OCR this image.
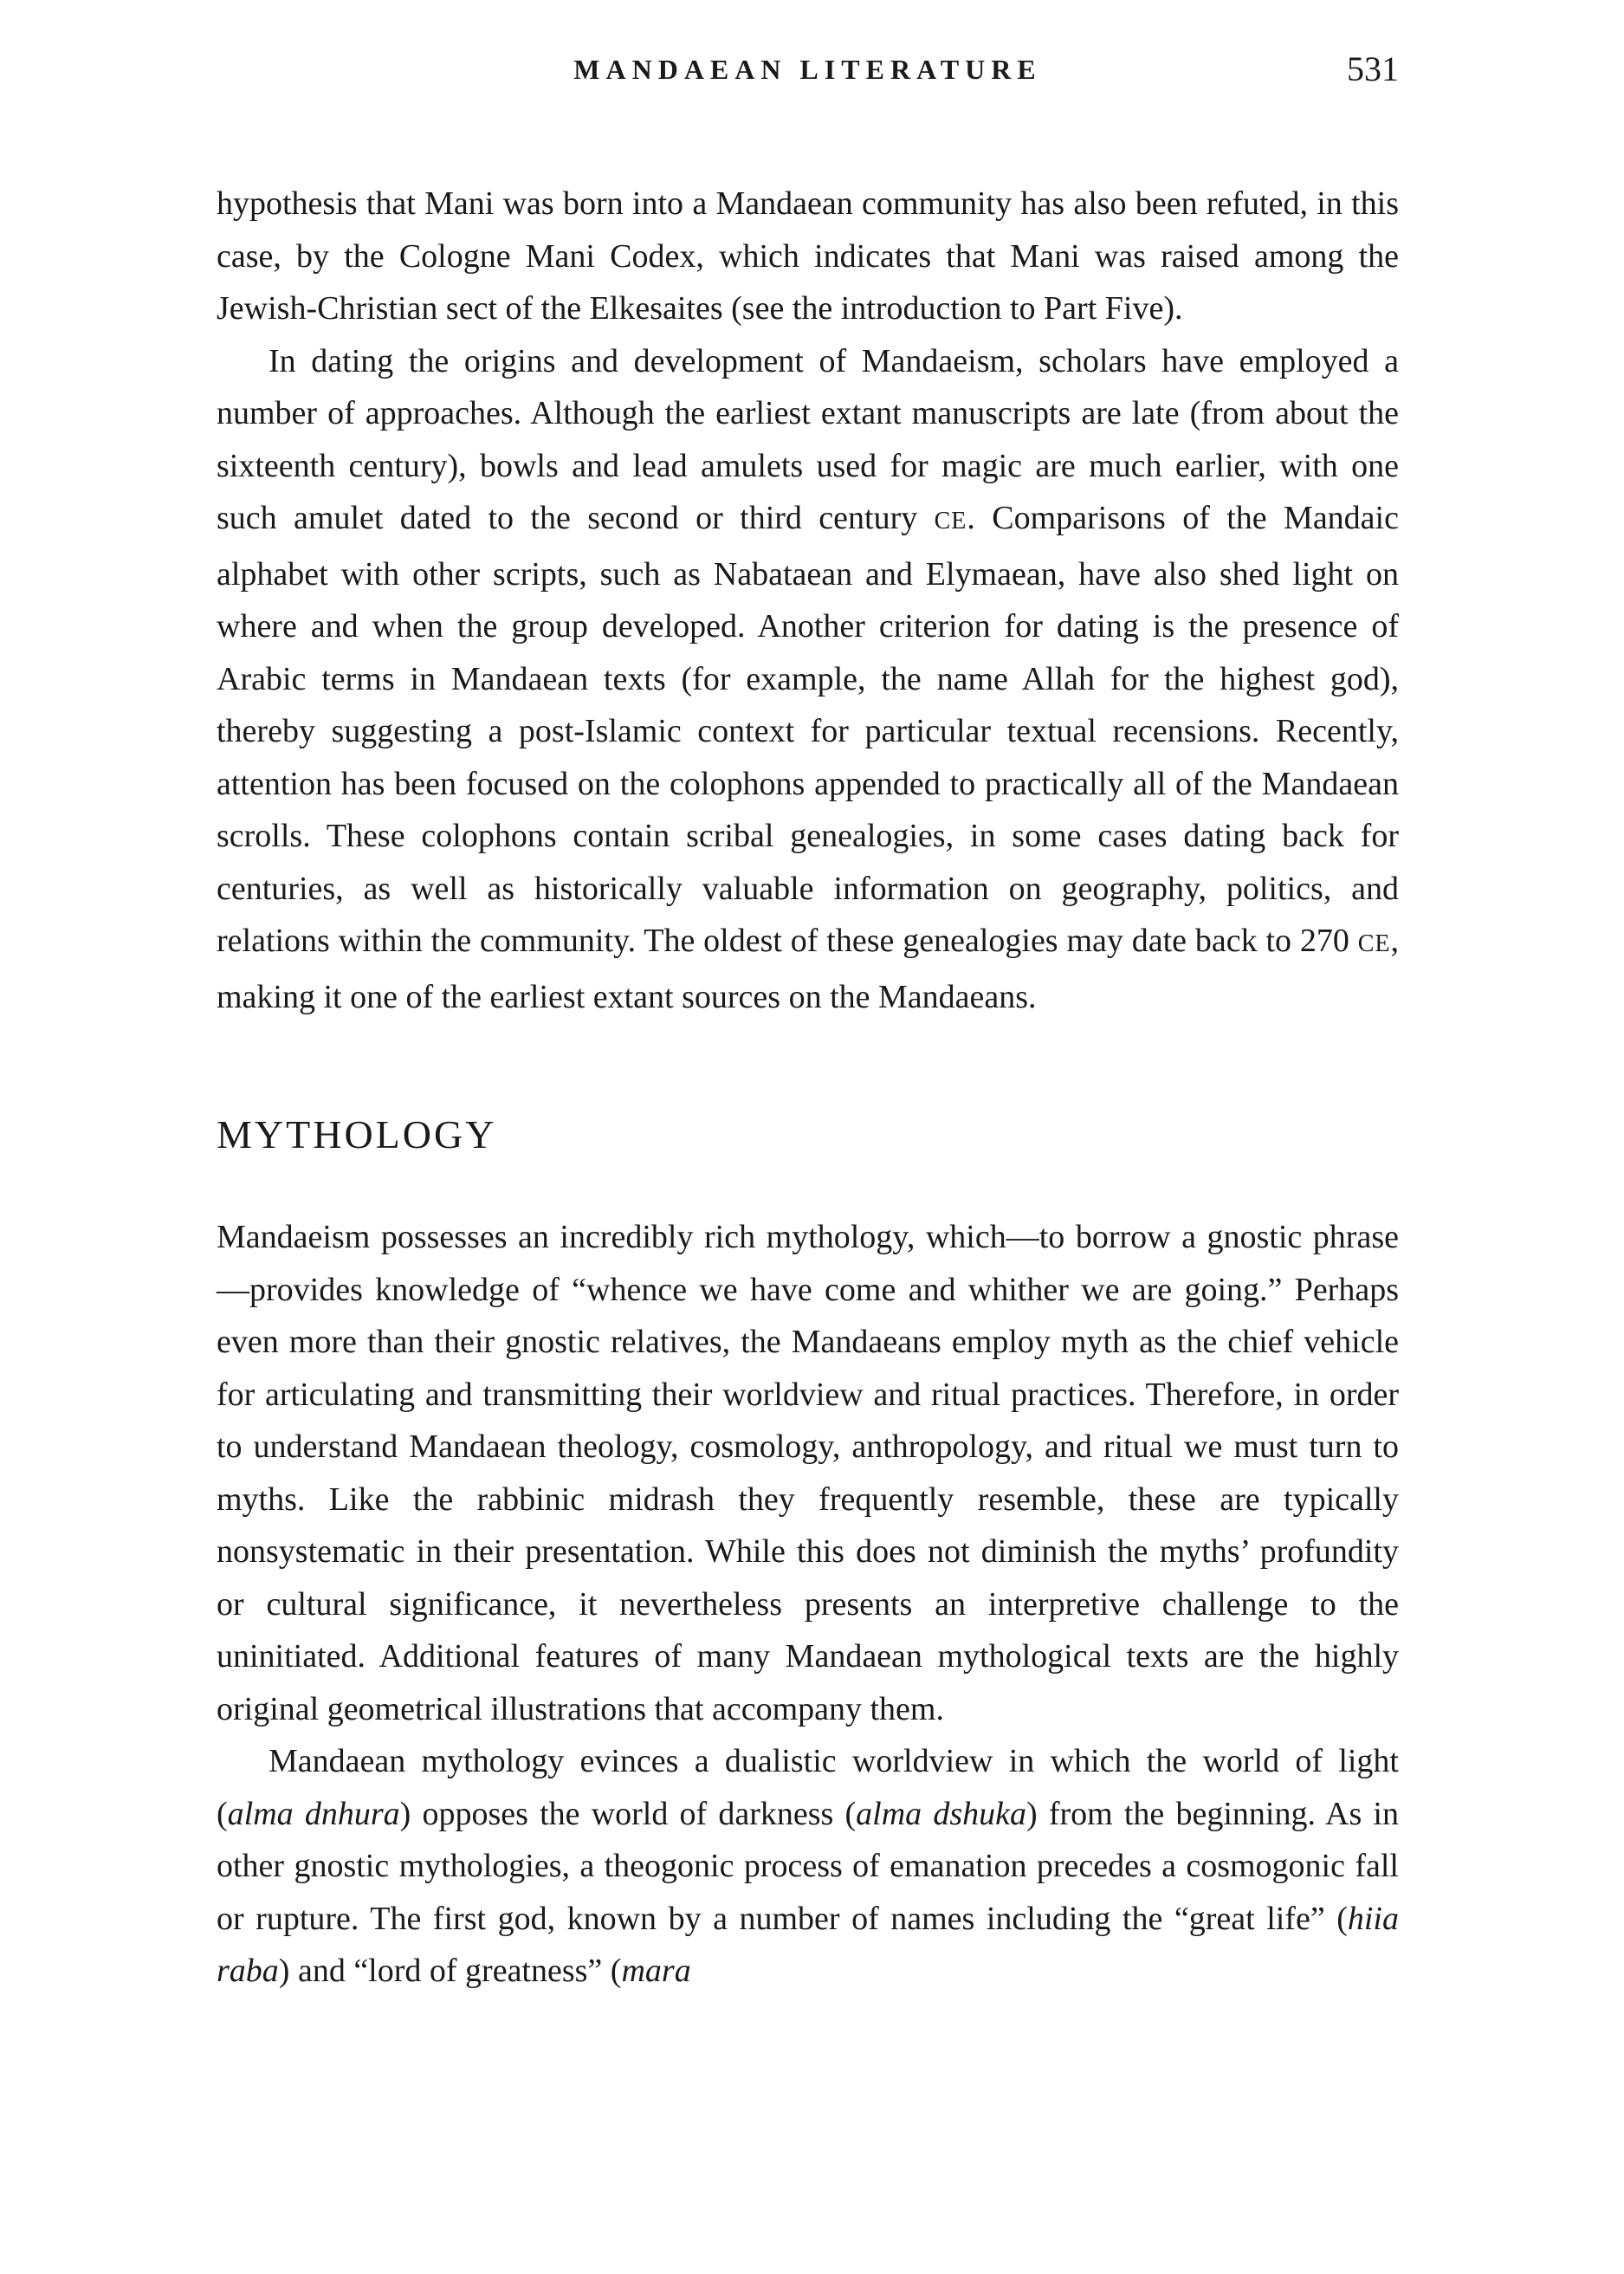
MANDAEAN LITERATURE	531

hypothesis that Mani was born into a Mandaean community has also been refuted, in this case, by the Cologne Mani Codex, which indicates that Mani was raised among the Jewish-Christian sect of the Elkesaites (see the introduction to Part Five).

In dating the origins and development of Mandaeism, scholars have employed a number of approaches. Although the earliest extant manuscripts are late (from about the sixteenth century), bowls and lead amulets used for magic are much earlier, with one such amulet dated to the second or third century CE. Comparisons of the Mandaic alphabet with other scripts, such as Nabataean and Elymaean, have also shed light on where and when the group developed. Another criterion for dating is the presence of Arabic terms in Mandaean texts (for example, the name Allah for the highest god), thereby suggesting a post-Islamic context for particular textual recensions. Recently, attention has been focused on the colophons appended to practically all of the Mandaean scrolls. These colophons contain scribal genealogies, in some cases dating back for centuries, as well as historically valuable information on geography, politics, and relations within the community. The oldest of these genealogies may date back to 270 CE, making it one of the earliest extant sources on the Mandaeans.

MYTHOLOGY

Mandaeism possesses an incredibly rich mythology, which—to borrow a gnostic phrase—provides knowledge of “whence we have come and whither we are going.” Perhaps even more than their gnostic relatives, the Mandaeans employ myth as the chief vehicle for articulating and transmitting their worldview and ritual practices. Therefore, in order to understand Mandaean theology, cosmology, anthropology, and ritual we must turn to myths. Like the rabbinic midrash they frequently resemble, these are typically nonsystematic in their presentation. While this does not diminish the myths’ profundity or cultural significance, it nevertheless presents an interpretive challenge to the uninitiated. Additional features of many Mandaean mythological texts are the highly original geometrical illustrations that accompany them.

Mandaean mythology evinces a dualistic worldview in which the world of light (alma dnhura) opposes the world of darkness (alma dshuka) from the beginning. As in other gnostic mythologies, a theogonic process of emanation precedes a cosmogonic fall or rupture. The first god, known by a number of names including the “great life” (hiia raba) and “lord of greatness” (mara
